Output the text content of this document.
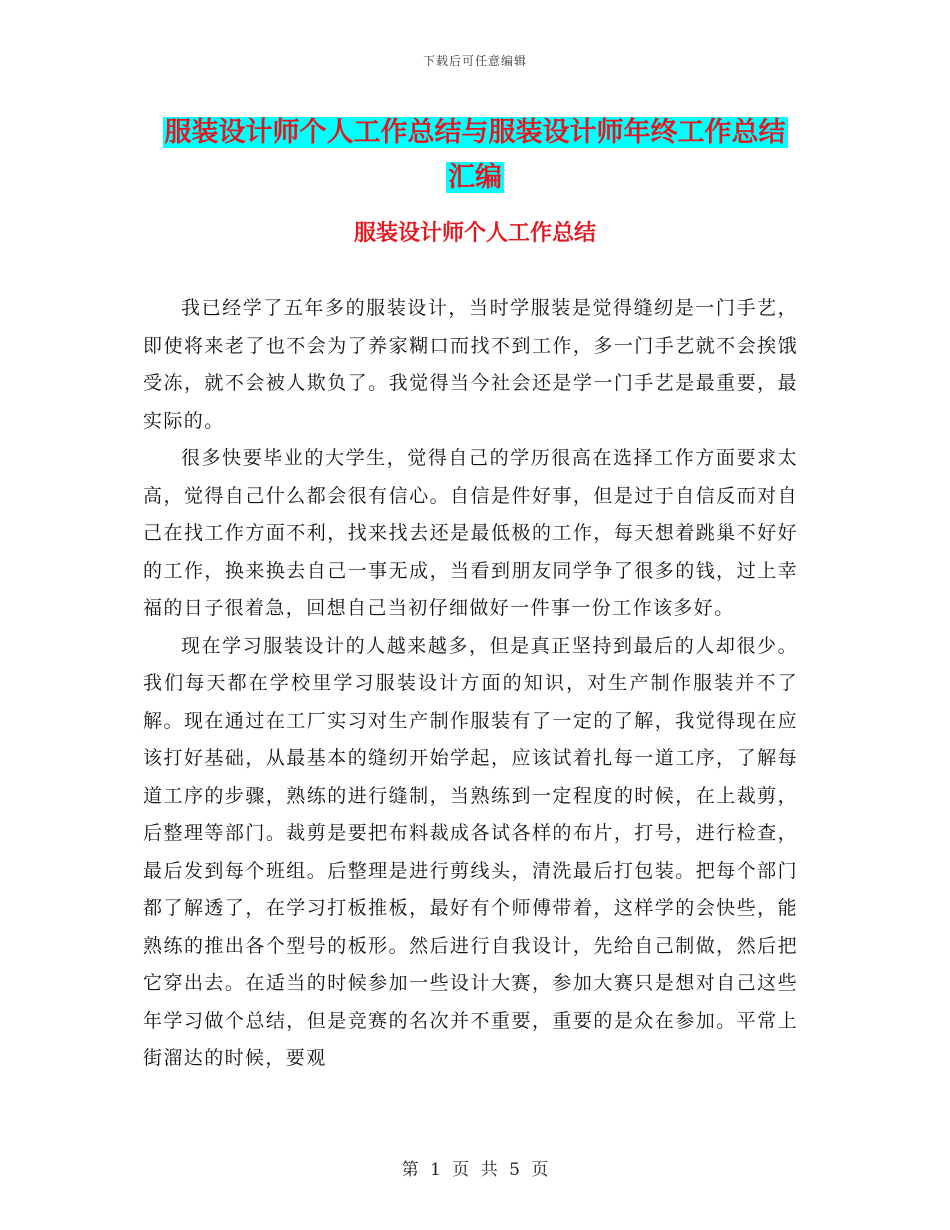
下载后可任意编辑
服装设计师个人工作总结与服装设计师年终工作总结
汇编
服装设计师个人工作总结

我已经学了五年多的服装设计，当时学服装是觉得缝纫是一门手艺，即使将来老了也不会为了养家糊口而找不到工作，多一门手艺就不会挨饿受冻，就不会被人欺负了。我觉得当今社会还是学一门手艺是最重要，最实际的。

很多快要毕业的大学生，觉得自己的学历很高在选择工作方面要求太高，觉得自己什么都会很有信心。自信是件好事，但是过于自信反而对自己在找工作方面不利，找来找去还是最低极的工作，每天想着跳巢不好好的工作，换来换去自己一事无成，当看到朋友同学争了很多的钱，过上幸福的日子很着急，回想自己当初仔细做好一件事一份工作该多好。

现在学习服装设计的人越来越多，但是真正坚持到最后的人却很少。我们每天都在学校里学习服装设计方面的知识，对生产制作服装并不了解。现在通过在工厂实习对生产制作服装有了一定的了解，我觉得现在应该打好基础，从最基本的缝纫开始学起，应该试着扎每一道工序，了解每道工序的步骤，熟练的进行缝制，当熟练到一定程度的时候，在上裁剪，后整理等部门。裁剪是要把布料裁成各试各样的布片，打号，进行检查，最后发到每个班组。后整理是进行剪线头，清洗最后打包装。把每个部门都了解透了，在学习打板推板，最好有个师傅带着，这样学的会快些，能熟练的推出各个型号的板形。然后进行自我设计，先给自己制做，然后把它穿出去。在适当的时候参加一些设计大赛，参加大赛只是想对自己这些年学习做个总结，但是竞赛的名次并不重要，重要的是众在参加。平常上街溜达的时候，要观

第 1 页 共 5 页
